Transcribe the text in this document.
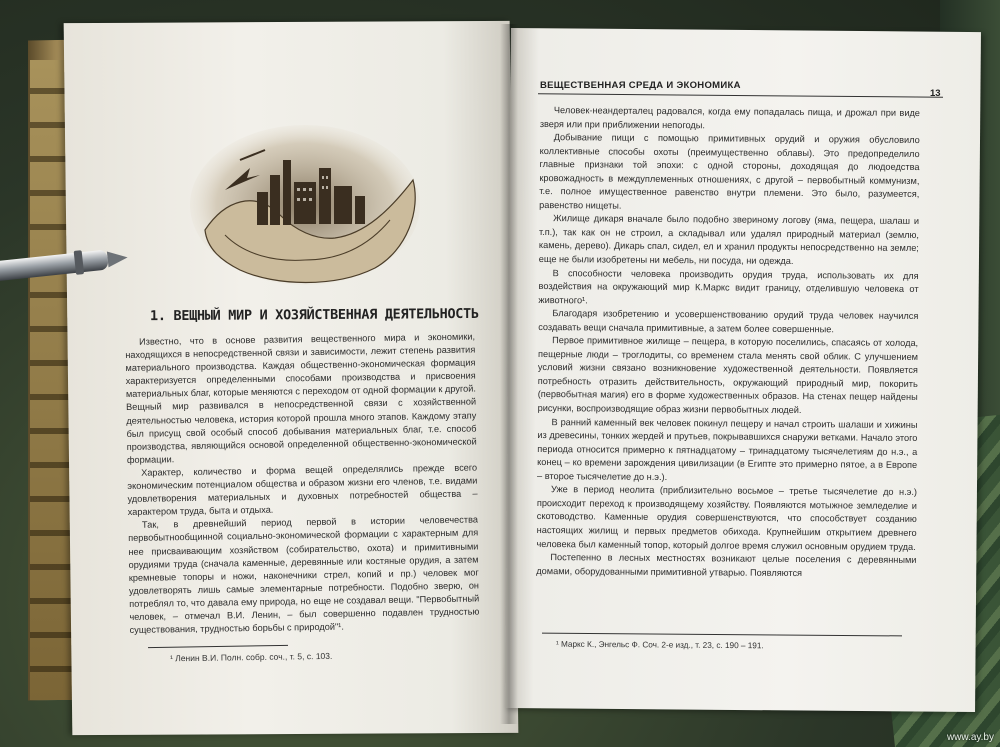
1. ВЕЩНЫЙ МИР И ХОЗЯЙСТВЕННАЯ ДЕЯТЕЛЬНОСТЬ

Известно, что в основе развития вещественного мира и экономики, находящихся в непосредственной связи и зависимости, лежит степень развития материального производства. Каждая общественно-экономическая формация характеризуется определенными способами производства и присвоения материальных благ, которые меняются с переходом от одной формации к другой. Вещный мир развивался в непосредственной связи с хозяйственной деятельностью человека, история которой прошла много этапов. Каждому этапу был присущ свой особый способ добывания материальных благ, т.е. способ производства, являющийся основой определенной общественно-экономической формации.

Характер, количество и форма вещей определялись прежде всего экономическим потенциалом общества и образом жизни его членов, т.е. видами удовлетворения материальных и духовных потребностей общества – характером труда, быта и отдыха.

Так, в древнейший период первой в истории человечества первобытнообщинной социально-экономической формации с характерным для нее присваивающим хозяйством (собирательство, охота) и примитивными орудиями труда (сначала каменные, деревянные или костяные орудия, а затем кремневые топоры и ножи, наконечники стрел, копий и пр.) человек мог удовлетворять лишь самые элементарные потребности. Подобно зверю, он потреблял то, что давала ему природа, но еще не создавал вещи. "Первобытный человек, – отмечал В.И. Ленин, – был совершенно подавлен трудностью существования, трудностью борьбы с природой"¹.

¹ Ленин В.И. Полн. собр. соч., т. 5, с. 103.
ВЕЩЕСТВЕННАЯ СРЕДА И ЭКОНОМИКА
13

Человек-неандерталец радовался, когда ему попадалась пища, и дрожал при виде зверя или при приближении непогоды.

Добывание пищи с помощью примитивных орудий и оружия обусловило коллективные способы охоты (преимущественно облавы). Это предопределило главные признаки той эпохи: с одной стороны, доходящая до людоедства кровожадность в междуплеменных отношениях, с другой – первобытный коммунизм, т.е. полное имущественное равенство внутри племени. Это было, разумеется, равенство нищеты.

Жилище дикаря вначале было подобно звериному логову (яма, пещера, шалаш и т.п.), так как он не строил, а складывал или удалял природный материал (землю, камень, дерево). Дикарь спал, сидел, ел и хранил продукты непосредственно на земле; еще не были изобретены ни мебель, ни посуда, ни одежда.

В способности человека производить орудия труда, использовать их для воздействия на окружающий мир К.Маркс видит границу, отделившую человека от животного¹.

Благодаря изобретению и усовершенствованию орудий труда человек научился создавать вещи сначала примитивные, а затем более совершенные.

Первое примитивное жилище – пещера, в которую поселились, спасаясь от холода, пещерные люди – троглодиты, со временем стала менять свой облик. С улучшением условий жизни связано возникновение художественной деятельности. Появляется потребность отразить действительность, окружающий природный мир, покорить (первобытная магия) его в форме художественных образов. На стенах пещер найдены рисунки, воспроизводящие образ жизни первобытных людей.

В ранний каменный век человек покинул пещеру и начал строить шалаши и хижины из древесины, тонких жердей и прутьев, покрывавшихся снаружи ветками. Начало этого периода относится примерно к пятнадцатому – тринадцатому тысячелетиям до н.э., а конец – ко времени зарождения цивилизации (в Египте это примерно пятое, а в Европе – второе тысячелетие до н.э.).

Уже в период неолита (приблизительно восьмое – третье тысячелетие до н.э.) происходит переход к производящему хозяйству. Появляются мотыжное земледелие и скотоводство. Каменные орудия совершенствуются, что способствует созданию настоящих жилищ и первых предметов обихода. Крупнейшим открытием древнего человека был каменный топор, который долгое время служил основным орудием труда.

Постепенно в лесных местностях возникают целые поселения с деревянными домами, оборудованными примитивной утварью. Появляются

¹ Маркс К., Энгельс Ф. Соч. 2-е изд., т. 23, с. 190 – 191.
www.ay.by
